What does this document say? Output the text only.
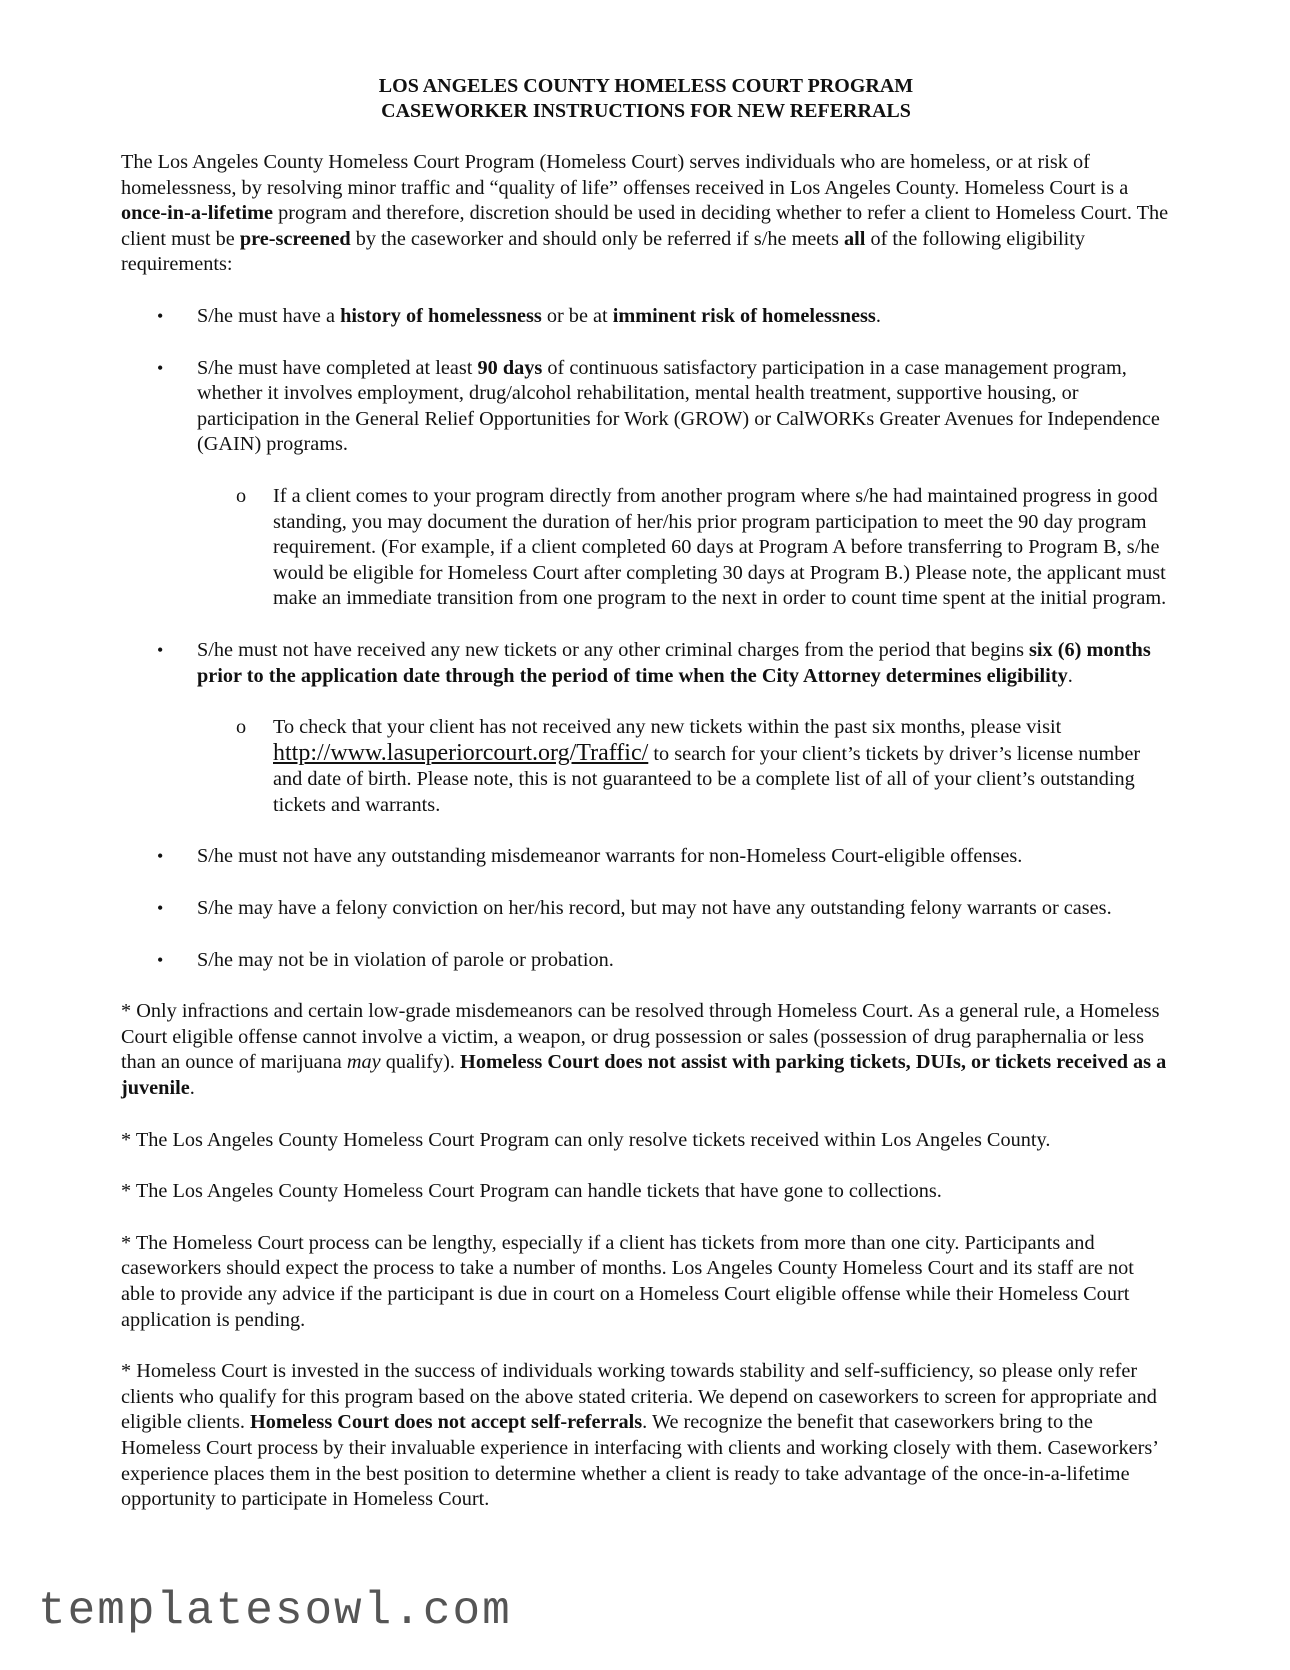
LOS ANGELES COUNTY HOMELESS COURT PROGRAM
CASEWORKER INSTRUCTIONS FOR NEW REFERRALS

The Los Angeles County Homeless Court Program (Homeless Court) serves individuals who are homeless, or at risk of homelessness, by resolving minor traffic and “quality of life” offenses received in Los Angeles County. Homeless Court is a once-in-a-lifetime program and therefore, discretion should be used in deciding whether to refer a client to Homeless Court. The client must be pre-screened by the caseworker and should only be referred if s/he meets all of the following eligibility requirements:

• S/he must have a history of homelessness or be at imminent risk of homelessness.
• S/he must have completed at least 90 days of continuous satisfactory participation in a case management program, whether it involves employment, drug/alcohol rehabilitation, mental health treatment, supportive housing, or participation in the General Relief Opportunities for Work (GROW) or CalWORKs Greater Avenues for Independence (GAIN) programs.
o If a client comes to your program directly from another program where s/he had maintained progress in good standing, you may document the duration of her/his prior program participation to meet the 90 day program requirement. (For example, if a client completed 60 days at Program A before transferring to Program B, s/he would be eligible for Homeless Court after completing 30 days at Program B.) Please note, the applicant must make an immediate transition from one program to the next in order to count time spent at the initial program.
• S/he must not have received any new tickets or any other criminal charges from the period that begins six (6) months prior to the application date through the period of time when the City Attorney determines eligibility.
o To check that your client has not received any new tickets within the past six months, please visit http://www.lasuperiorcourt.org/Traffic/ to search for your client’s tickets by driver’s license number and date of birth. Please note, this is not guaranteed to be a complete list of all of your client’s outstanding tickets and warrants.
• S/he must not have any outstanding misdemeanor warrants for non-Homeless Court-eligible offenses.
• S/he may have a felony conviction on her/his record, but may not have any outstanding felony warrants or cases.
• S/he may not be in violation of parole or probation.

* Only infractions and certain low-grade misdemeanors can be resolved through Homeless Court. As a general rule, a Homeless Court eligible offense cannot involve a victim, a weapon, or drug possession or sales (possession of drug paraphernalia or less than an ounce of marijuana may qualify). Homeless Court does not assist with parking tickets, DUIs, or tickets received as a juvenile.

* The Los Angeles County Homeless Court Program can only resolve tickets received within Los Angeles County.

* The Los Angeles County Homeless Court Program can handle tickets that have gone to collections.

* The Homeless Court process can be lengthy, especially if a client has tickets from more than one city. Participants and caseworkers should expect the process to take a number of months. Los Angeles County Homeless Court and its staff are not able to provide any advice if the participant is due in court on a Homeless Court eligible offense while their Homeless Court application is pending.

* Homeless Court is invested in the success of individuals working towards stability and self-sufficiency, so please only refer clients who qualify for this program based on the above stated criteria. We depend on caseworkers to screen for appropriate and eligible clients. Homeless Court does not accept self-referrals. We recognize the benefit that caseworkers bring to the Homeless Court process by their invaluable experience in interfacing with clients and working closely with them. Caseworkers’ experience places them in the best position to determine whether a client is ready to take advantage of the once-in-a-lifetime opportunity to participate in Homeless Court.

templatesowl.com
